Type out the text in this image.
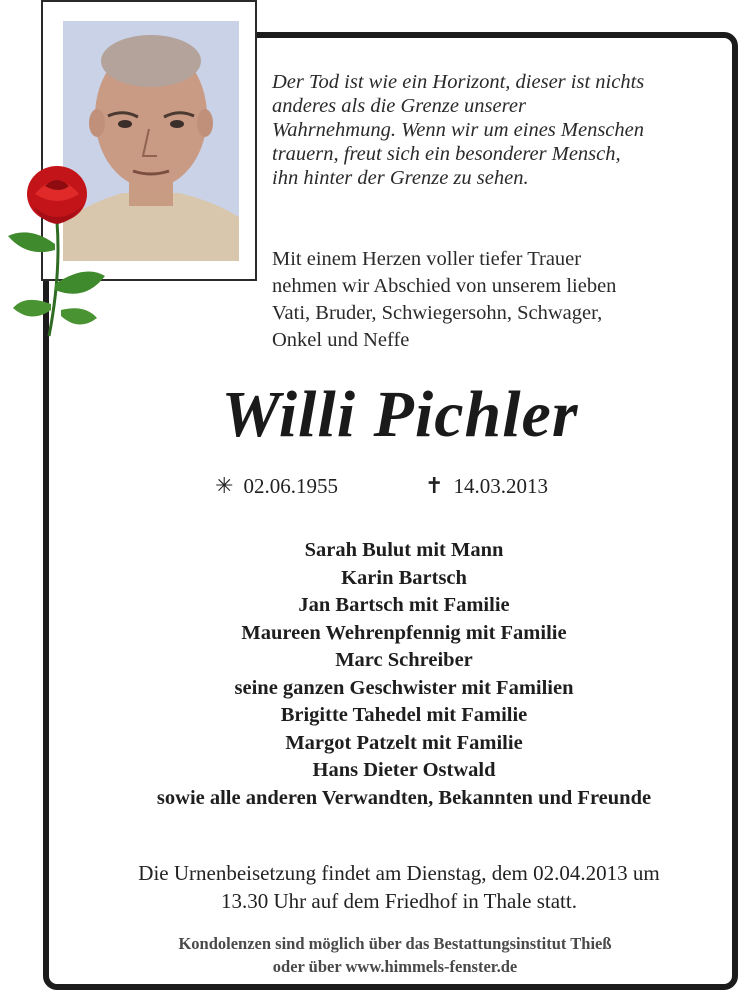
Der Tod ist wie ein Horizont, dieser ist nichts
anderes als die Grenze unserer
Wahrnehmung. Wenn wir um eines Menschen
trauern, freut sich ein besonderer Mensch,
ihn hinter der Grenze zu sehen.
Mit einem Herzen voller tiefer Trauer
nehmen wir Abschied von unserem lieben
Vati, Bruder, Schwiegersohn, Schwager,
Onkel und Neffe
Willi Pichler
✳ 02.06.1955	✝ 14.03.2013
Sarah Bulut mit Mann
Karin Bartsch
Jan Bartsch mit Familie
Maureen Wehrenpfennig mit Familie
Marc Schreiber
seine ganzen Geschwister mit Familien
Brigitte Tahedel mit Familie
Margot Patzelt mit Familie
Hans Dieter Ostwald
sowie alle anderen Verwandten, Bekannten und Freunde
Die Urnenbeisetzung findet am Dienstag, dem 02.04.2013 um
13.30 Uhr auf dem Friedhof in Thale statt.
Kondolenzen sind möglich über das Bestattungsinstitut Thieß
oder über www.himmels-fenster.de
